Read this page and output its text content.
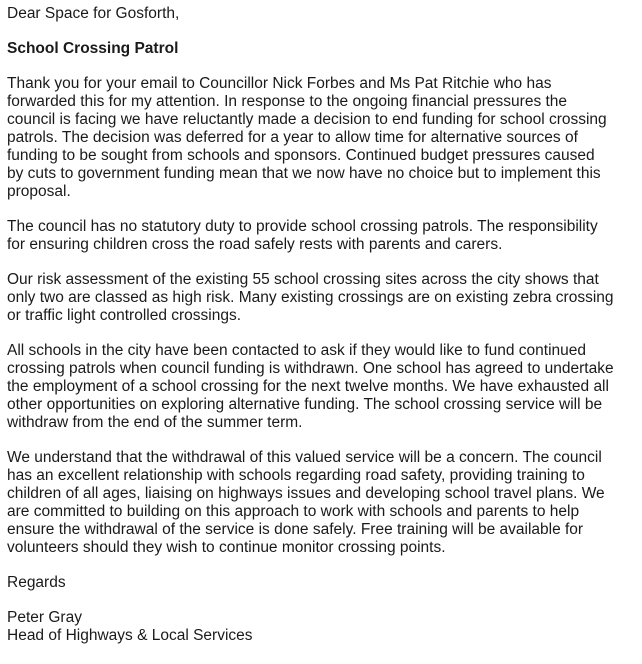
Dear Space for Gosforth,

School Crossing Patrol

Thank you for your email to Councillor Nick Forbes and Ms Pat Ritchie who has
forwarded this for my attention. In response to the ongoing financial pressures the
council is facing we have reluctantly made a decision to end funding for school crossing
patrols. The decision was deferred for a year to allow time for alternative sources of
funding to be sought from schools and sponsors. Continued budget pressures caused
by cuts to government funding mean that we now have no choice but to implement this
proposal.

The council has no statutory duty to provide school crossing patrols. The responsibility
for ensuring children cross the road safely rests with parents and carers.

Our risk assessment of the existing 55 school crossing sites across the city shows that
only two are classed as high risk. Many existing crossings are on existing zebra crossing
or traffic light controlled crossings.

All schools in the city have been contacted to ask if they would like to fund continued
crossing patrols when council funding is withdrawn. One school has agreed to undertake
the employment of a school crossing for the next twelve months. We have exhausted all
other opportunities on exploring alternative funding. The school crossing service will be
withdraw from the end of the summer term.

We understand that the withdrawal of this valued service will be a concern. The council
has an excellent relationship with schools regarding road safety, providing training to
children of all ages, liaising on highways issues and developing school travel plans. We
are committed to building on this approach to work with schools and parents to help
ensure the withdrawal of the service is done safely. Free training will be available for
volunteers should they wish to continue monitor crossing points.

Regards

Peter Gray
Head of Highways & Local Services
